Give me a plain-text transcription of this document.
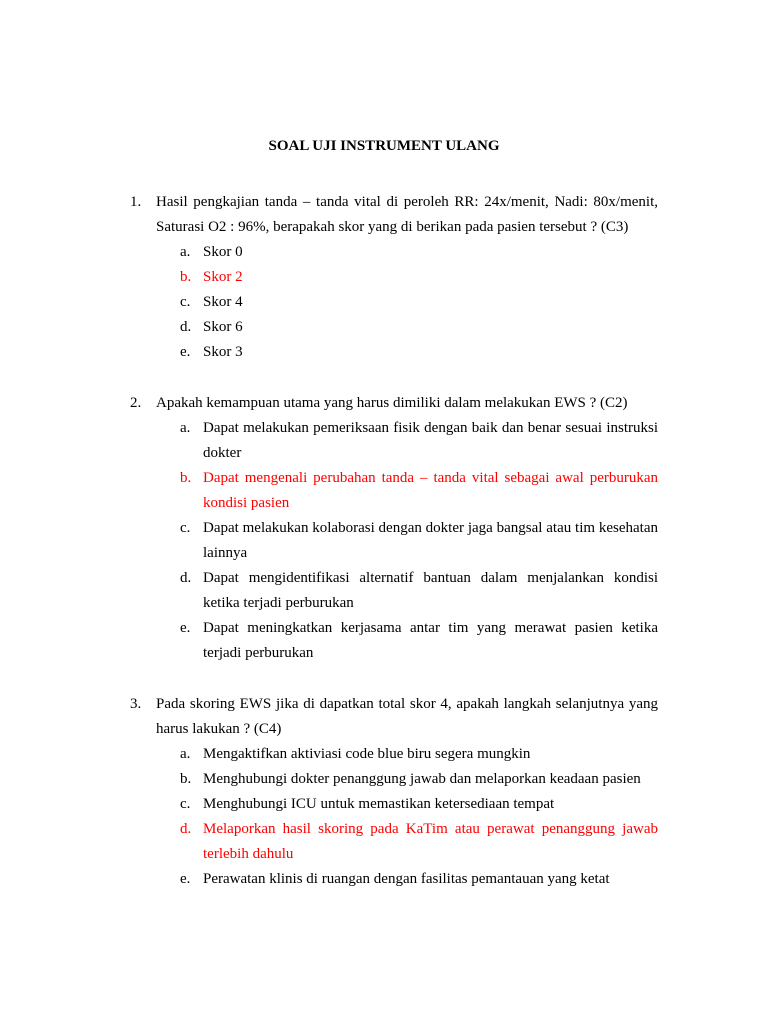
SOAL UJI INSTRUMENT ULANG
1. Hasil pengkajian tanda – tanda vital di peroleh RR: 24x/menit, Nadi: 80x/menit, Saturasi O2 : 96%, berapakah skor yang di berikan pada pasien tersebut ? (C3)
a. Skor 0
b. Skor 2
c. Skor 4
d. Skor 6
e. Skor 3
2. Apakah kemampuan utama yang harus dimiliki dalam melakukan EWS ? (C2)
a. Dapat melakukan pemeriksaan fisik dengan baik dan benar sesuai instruksi dokter
b. Dapat mengenali perubahan tanda – tanda vital sebagai awal perburukan kondisi pasien
c. Dapat melakukan kolaborasi dengan dokter jaga bangsal atau tim kesehatan lainnya
d. Dapat mengidentifikasi alternatif bantuan dalam menjalankan kondisi ketika terjadi perburukan
e. Dapat meningkatkan kerjasama antar tim yang merawat pasien ketika terjadi perburukan
3. Pada skoring EWS jika di dapatkan total skor 4, apakah langkah selanjutnya yang harus lakukan ? (C4)
a. Mengaktifkan aktiviasi code blue biru segera mungkin
b. Menghubungi dokter penanggung jawab dan melaporkan keadaan pasien
c. Menghubungi ICU untuk memastikan ketersediaan tempat
d. Melaporkan hasil skoring pada KaTim atau perawat penanggung jawab terlebih dahulu
e. Perawatan klinis di ruangan dengan fasilitas pemantauan yang ketat
